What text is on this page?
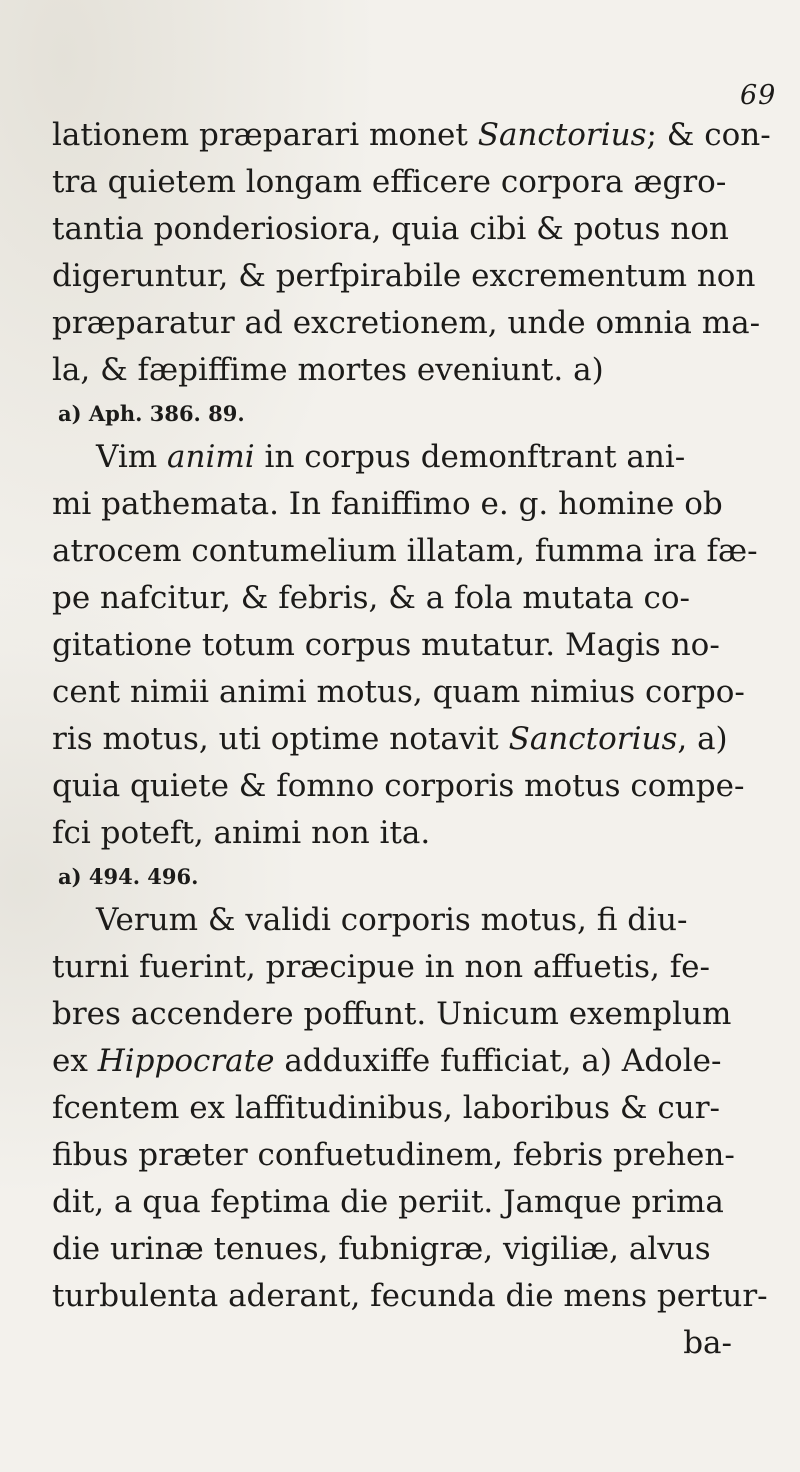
69
lationem præparari monet Sanctorius; & con-
tra quietem longam efficere corpora ægro-
tantia ponderiosiora, quia cibi & potus non
digeruntur, & perfpirabile excrementum non
præparatur ad excretionem, unde omnia ma-
la, & fæpiffime mortes eveniunt. a)
a) Aph. 386. 89.
Vim animi in corpus demonftrant ani-
mi pathemata. In faniffimo e. g. homine ob
atrocem contumelium illatam, fumma ira fæ-
pe nafcitur, & febris, & a fola mutata co-
gitatione totum corpus mutatur. Magis no-
cent nimii animi motus, quam nimius corpo-
ris motus, uti optime notavit Sanctorius, a)
quia quiete & fomno corporis motus compe-
fci poteft, animi non ita.
a) 494. 496.
Verum & validi corporis motus, fi diu-
turni fuerint, præcipue in non affuetis, fe-
bres accendere poffunt. Unicum exemplum
ex Hippocrate adduxiffe fufficiat, a) Adole-
fcentem ex laffitudinibus, laboribus & cur-
fibus præter confuetudinem, febris prehen-
dit, a qua feptima die periit. Jamque prima
die urinæ tenues, fubnigræ, vigiliæ, alvus
turbulenta aderant, fecunda die mens pertur-
ba-
